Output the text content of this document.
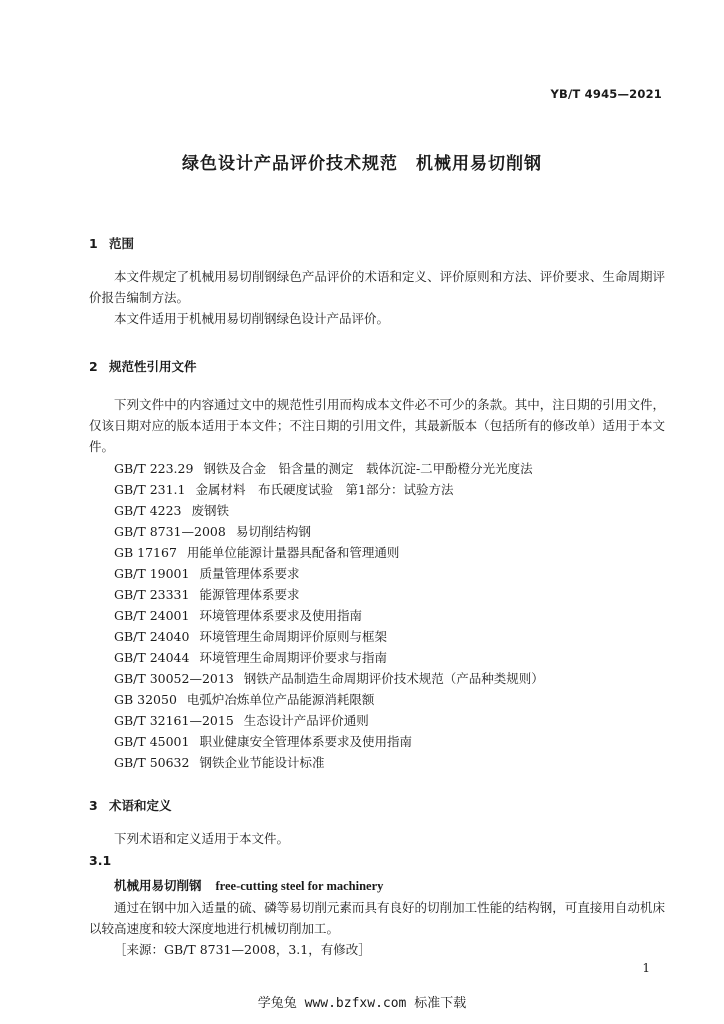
YB/T 4945—2021
绿色设计产品评价技术规范　机械用易切削钢
1 范围
本文件规定了机械用易切削钢绿色产品评价的术语和定义、评价原则和方法、评价要求、生命周期评价报告编制方法。
本文件适用于机械用易切削钢绿色设计产品评价。
2 规范性引用文件
下列文件中的内容通过文中的规范性引用而构成本文件必不可少的条款。其中，注日期的引用文件，仅该日期对应的版本适用于本文件；不注日期的引用文件，其最新版本（包括所有的修改单）适用于本文件。
GB/T 223.29 钢铁及合金　铅含量的测定　载体沉淀-二甲酚橙分光光度法
GB/T 231.1 金属材料　布氏硬度试验　第1部分：试验方法
GB/T 4223 废钢铁
GB/T 8731—2008 易切削结构钢
GB 17167 用能单位能源计量器具配备和管理通则
GB/T 19001 质量管理体系要求
GB/T 23331 能源管理体系要求
GB/T 24001 环境管理体系要求及使用指南
GB/T 24040 环境管理生命周期评价原则与框架
GB/T 24044 环境管理生命周期评价要求与指南
GB/T 30052—2013 钢铁产品制造生命周期评价技术规范（产品种类规则）
GB 32050 电弧炉冶炼单位产品能源消耗限额
GB/T 32161—2015 生态设计产品评价通则
GB/T 45001 职业健康安全管理体系要求及使用指南
GB/T 50632 钢铁企业节能设计标准
3 术语和定义
下列术语和定义适用于本文件。
3.1
机械用易切削钢 free-cutting steel for machinery
通过在钢中加入适量的硫、磷等易切削元素而具有良好的切削加工性能的结构钢，可直接用自动机床以较高速度和较大深度地进行机械切削加工。
［来源：GB/T 8731—2008，3.1，有修改］
1
学兔兔 www.bzfxw.com 标准下载
